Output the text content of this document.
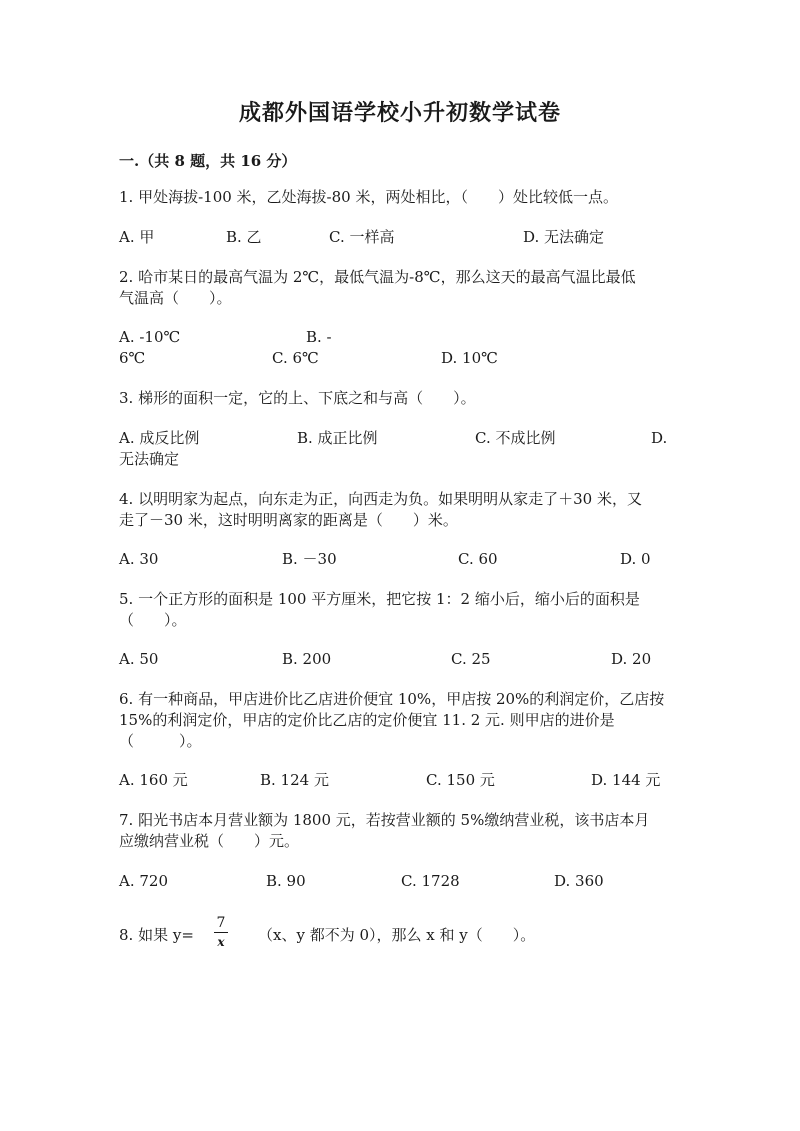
成都外国语学校小升初数学试卷
一.（共 8 题，共 16 分）
1. 甲处海拔-100 米，乙处海拔-80 米，两处相比，（　　）处比较低一点。
A. 甲	B. 乙	C. 一样高	D. 无法确定
2. 哈市某日的最高气温为 2℃，最低气温为-8℃，那么这天的最高气温比最低
气温高（　　）。
A. -10℃	B. -
6℃	C. 6℃	D. 10℃
3. 梯形的面积一定，它的上、下底之和与高（　　）。
A. 成反比例	B. 成正比例	C. 不成比例	D.
无法确定
4. 以明明家为起点，向东走为正，向西走为负。如果明明从家走了＋30 米，又
走了－30 米，这时明明离家的距离是（　　）米。
A. 30	B. －30	C. 60	D. 0
5. 一个正方形的面积是 100 平方厘米，把它按 1：2 缩小后，缩小后的面积是
（　　）。
A. 50	B. 200	C. 25	D. 20
6. 有一种商品，甲店进价比乙店进价便宜 10%，甲店按 20%的利润定价，乙店按
15%的利润定价，甲店的定价比乙店的定价便宜 11. 2 元. 则甲店的进价是
（　　　）。
A. 160 元	B. 124 元	C. 150 元	D. 144 元
7. 阳光书店本月营业额为 1800 元，若按营业额的 5%缴纳营业税，该书店本月
应缴纳营业税（　　）元。
A. 720	B. 90	C. 1728	D. 360
8. 如果 y=
7
x （x、y 都不为 0），那么 x 和 y（　　）。
